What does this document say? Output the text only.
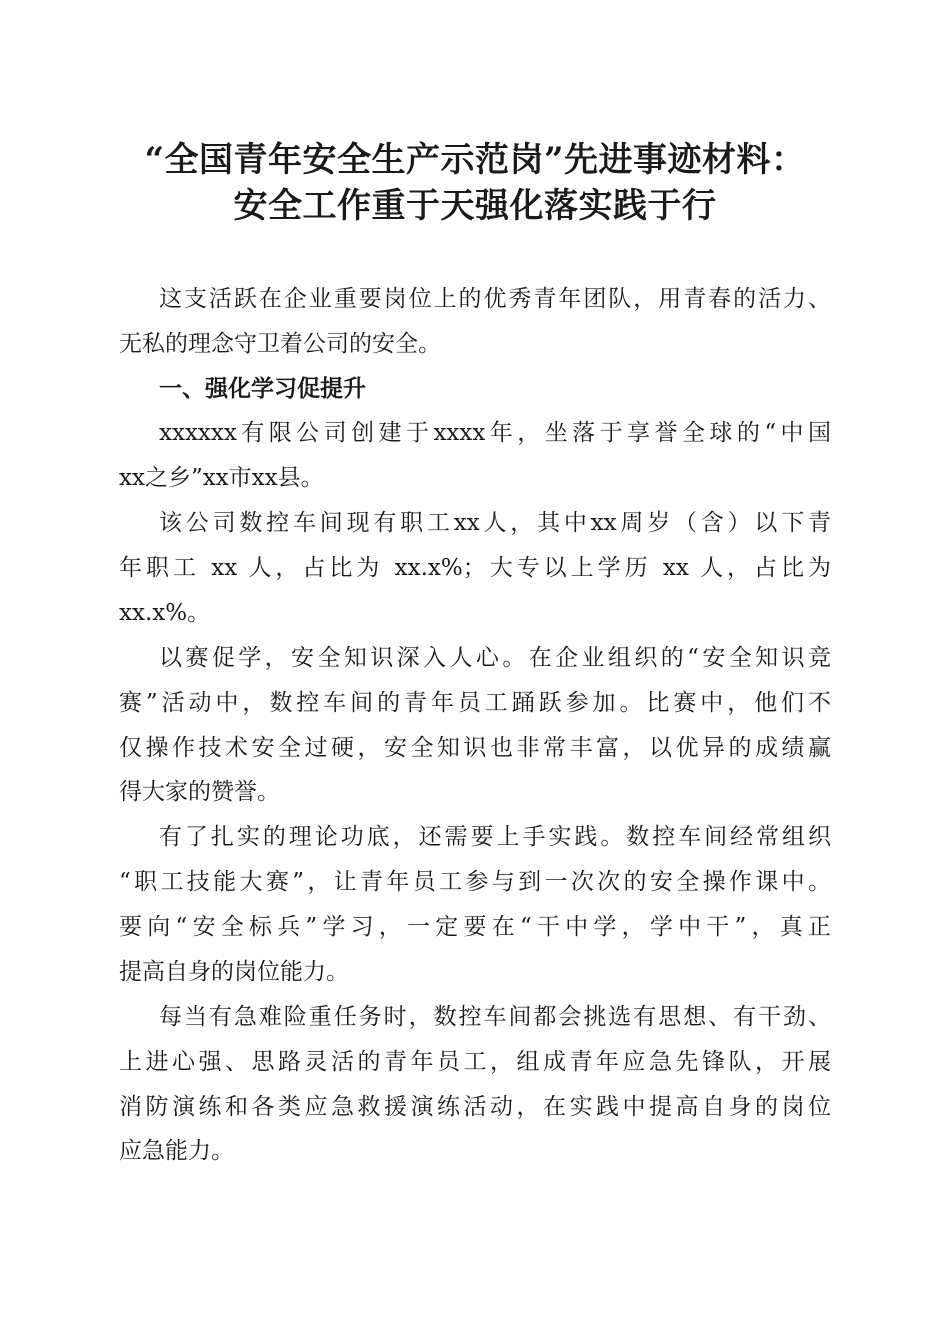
“全国青年安全生产示范岗”先进事迹材料：
安全工作重于天强化落实践于行

这支活跃在企业重要岗位上的优秀青年团队，用青春的活力、

无私的理念守卫着公司的安全。

一、强化学习促提升

xxxxxx有限公司创建于xxxx年，坐落于享誉全球的“中国

xx之乡”xx市xx县。

该公司数控车间现有职工xx人，其中xx周岁（含）以下青

年职工 xx 人，占比为 xx.x%；大专以上学历 xx 人，占比为

xx.x%。

以赛促学，安全知识深入人心。在企业组织的“安全知识竞

赛”活动中，数控车间的青年员工踊跃参加。比赛中，他们不

仅操作技术安全过硬，安全知识也非常丰富，以优异的成绩赢

得大家的赞誉。

有了扎实的理论功底，还需要上手实践。数控车间经常组织

“职工技能大赛”，让青年员工参与到一次次的安全操作课中。

要向“安全标兵”学习，一定要在“干中学，学中干”，真正

提高自身的岗位能力。

每当有急难险重任务时，数控车间都会挑选有思想、有干劲、

上进心强、思路灵活的青年员工，组成青年应急先锋队，开展

消防演练和各类应急救援演练活动，在实践中提高自身的岗位

应急能力。
